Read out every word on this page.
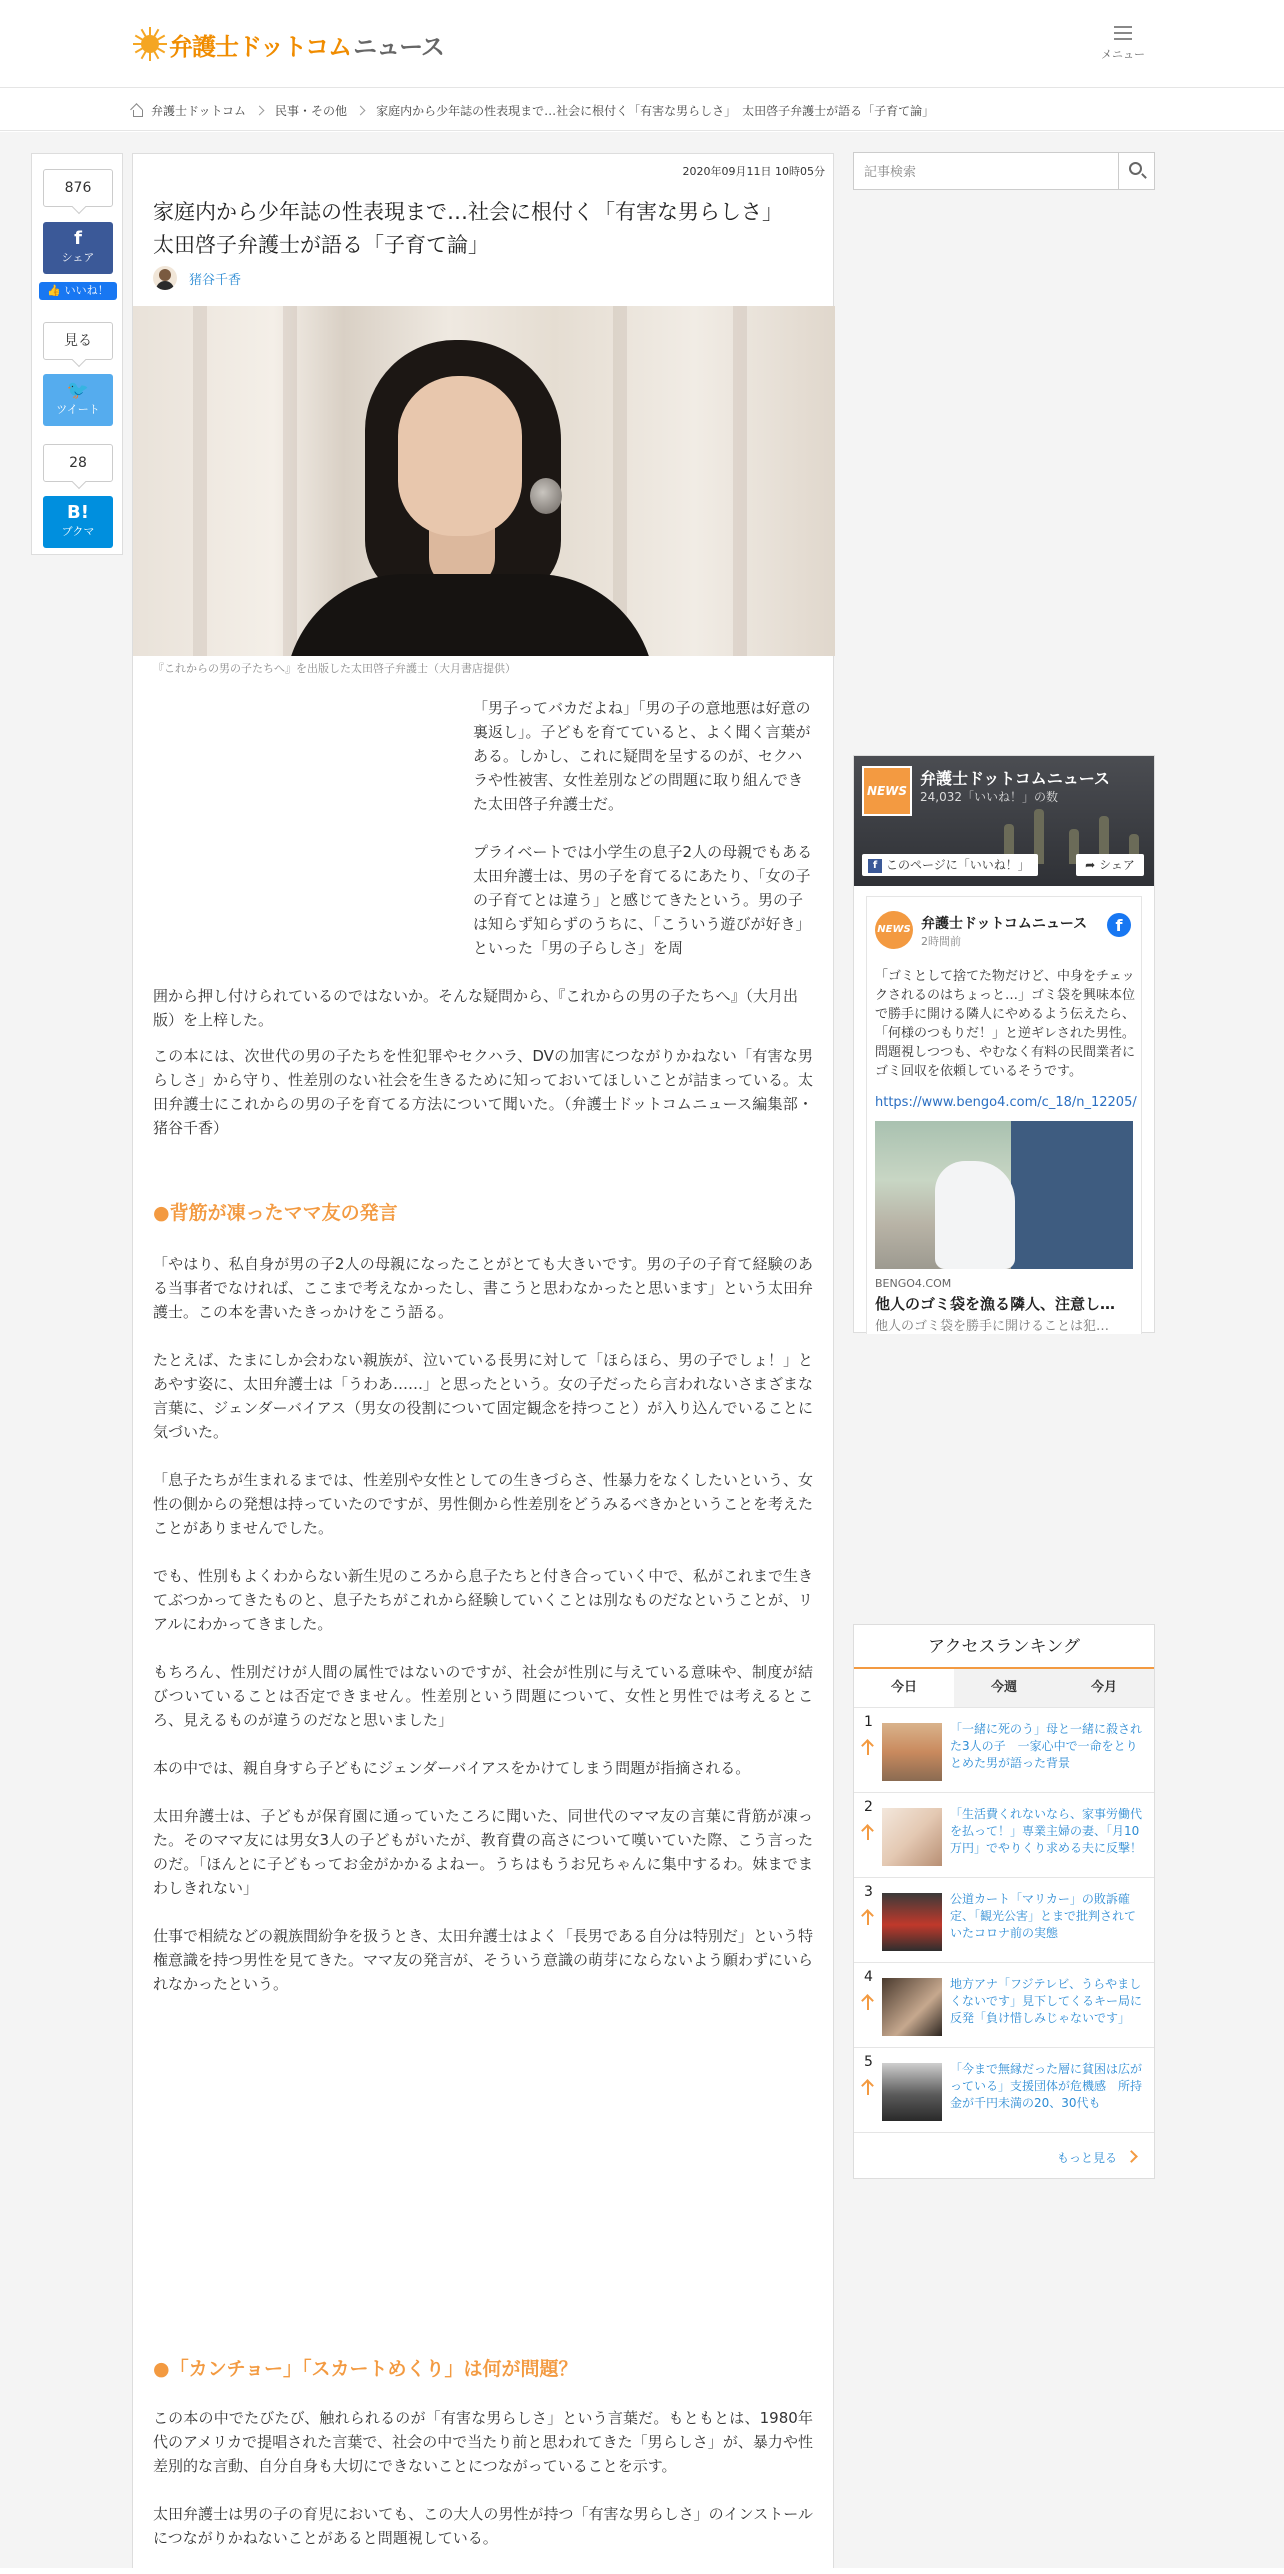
弁護士ドットコム ニュース	メニュー
弁護士ドットコム 民事・その他 家庭内から少年誌の性表現まで…社会に根付く「有害な男らしさ」　太田啓子弁護士が語る「子育て論」
876
f
シェア
👍 いいね！
見る
🐦
ツイート
28
B!
ブクマ
2020年09月11日 10時05分
家庭内から少年誌の性表現まで…社会に根付く「有害な男らしさ」　太田啓子弁護士が語る「子育て論」
猪谷千香
『これからの男の子たちへ』を出版した太田啓子弁護士（大月書店提供）

「男子ってバカだよね」「男の子の意地悪は好意の裏返し」。子どもを育てていると、よく聞く言葉がある。しかし、これに疑問を呈するのが、セクハラや性被害、女性差別などの問題に取り組んできた太田啓子弁護士だ。

プライベートでは小学生の息子2人の母親でもある太田弁護士は、男の子を育てるにあたり、「女の子の子育てとは違う」と感じてきたという。男の子は知らず知らずのうちに、「こういう遊びが好き」といった「男の子らしさ」を周

囲から押し付けられているのではないか。そんな疑問から、『これからの男の子たちへ』（大月出版）を上梓した。
この本には、次世代の男の子たちを性犯罪やセクハラ、DVの加害につながりかねない「有害な男らしさ」から守り、性差別のない社会を生きるために知っておいてほしいことが詰まっている。太田弁護士にこれからの男の子を育てる方法について聞いた。（弁護士ドットコムニュース編集部・猪谷千香）
●背筋が凍ったママ友の発言

「やはり、私自身が男の子2人の母親になったことがとても大きいです。男の子の子育て経験のある当事者でなければ、ここまで考えなかったし、書こうと思わなかったと思います」という太田弁護士。この本を書いたきっかけをこう語る。

たとえば、たまにしか会わない親族が、泣いている長男に対して「ほらほら、男の子でしょ！」とあやす姿に、太田弁護士は「うわあ……」と思ったという。女の子だったら言われないさまざまな言葉に、ジェンダーバイアス（男女の役割について固定観念を持つこと）が入り込んでいることに気づいた。

「息子たちが生まれるまでは、性差別や女性としての生きづらさ、性暴力をなくしたいという、女性の側からの発想は持っていたのですが、男性側から性差別をどうみるべきかということを考えたことがありませんでした。

でも、性別もよくわからない新生児のころから息子たちと付き合っていく中で、私がこれまで生きてぶつかってきたものと、息子たちがこれから経験していくことは別なものだなということが、リアルにわかってきました。

もちろん、性別だけが人間の属性ではないのですが、社会が性別に与えている意味や、制度が結びついていることは否定できません。性差別という問題について、女性と男性では考えるところ、見えるものが違うのだなと思いました」

本の中では、親自身すら子どもにジェンダーバイアスをかけてしまう問題が指摘される。

太田弁護士は、子どもが保育園に通っていたころに聞いた、同世代のママ友の言葉に背筋が凍った。そのママ友には男女3人の子どもがいたが、教育費の高さについて嘆いていた際、こう言ったのだ。「ほんとに子どもってお金がかかるよねー。うちはもうお兄ちゃんに集中するわ。妹までまわしきれない」

仕事で相続などの親族間紛争を扱うとき、太田弁護士はよく「長男である自分は特別だ」という特権意識を持つ男性を見てきた。ママ友の発言が、そういう意識の萌芽にならないよう願わずにいられなかったという。

●「カンチョー」「スカートめくり」は何が問題？

この本の中でたびたび、触れられるのが「有害な男らしさ」という言葉だ。もともとは、1980年代のアメリカで提唱された言葉で、社会の中で当たり前と思われてきた「男らしさ」が、暴力や性差別的な言動、自分自身も大切にできないことにつながっていることを示す。

太田弁護士は男の子の育児においても、この大人の男性が持つ「有害な男らしさ」のインストールにつながりかねないことがあると問題視している。

記事検索
NEWS
弁護士ドットコムニュース
24,032「いいね！」の数
f このページに「いいね！」	➦ シェア
NEWS 弁護士ドットコムニュース
2時間前
f
「ゴミとして捨てた物だけど、中身をチェックされるのはちょっと…」ゴミ袋を興味本位で勝手に開ける隣人にやめるよう伝えたら、「何様のつもりだ！」と逆ギレされた男性。問題視しつつも、やむなく有料の民間業者にゴミ回収を依頼しているそうです。
https://www.bengo4.com/c_18/n_12205/
BENGO4.COM
他人のゴミ袋を漁る隣人、注意し…
他人のゴミ袋を勝手に開けることは犯…
アクセスランキング
今日	今週	今月
1	「一緒に死のう」母と一緒に殺された3人の子　一家心中で一命をとりとめた男が語った背景
2	「生活費くれないなら、家事労働代を払って！」専業主婦の妻、「月10万円」でやりくり求める夫に反撃！
3	公道カート「マリカー」の敗訴確定、「観光公害」とまで批判されていたコロナ前の実態
4	地方アナ「フジテレビ、うらやましくないです」見下してくるキー局に反発「負け惜しみじゃないです」
5	「今まで無縁だった層に貧困は広がっている」支援団体が危機感　所持金が千円未満の20、30代も
もっと見る
